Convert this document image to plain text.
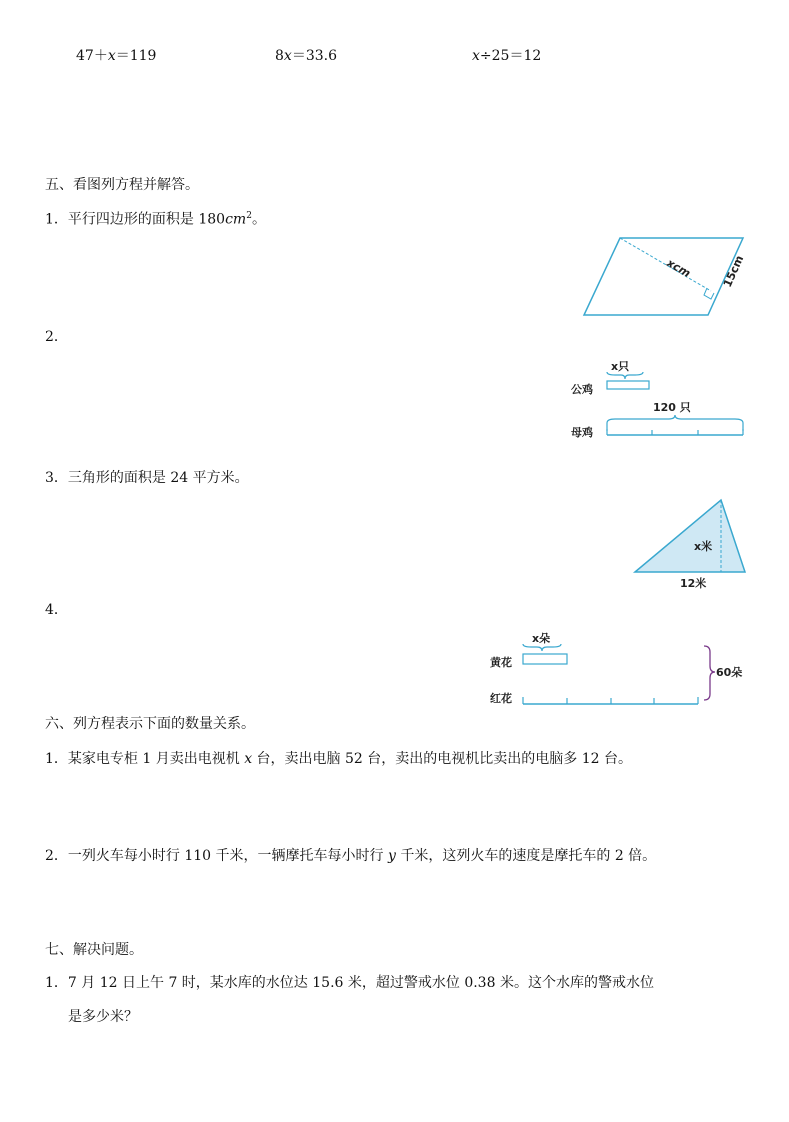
47＋x＝119	8x＝33.6	x÷25＝12
五、看图列方程并解答。
1．平行四边形的面积是 $180cm^2$。
xcm	15cm
2．
x只
公鸡
120 只
母鸡
3．三角形的面积是 24 平方米。
x米
12米
4．
x朵
黄花
红花
60朵
六、列方程表示下面的数量关系。
1．某家电专柜 1 月卖出电视机 x 台，卖出电脑 52 台，卖出的电视机比卖出的电脑多 12 台。
2．一列火车每小时行 110 千米，一辆摩托车每小时行 y 千米，这列火车的速度是摩托车的 2 倍。
七、解决问题。
1．7 月 12 日上午 7 时，某水库的水位达 15.6 米，超过警戒水位 0.38 米。这个水库的警戒水位
是多少米？
